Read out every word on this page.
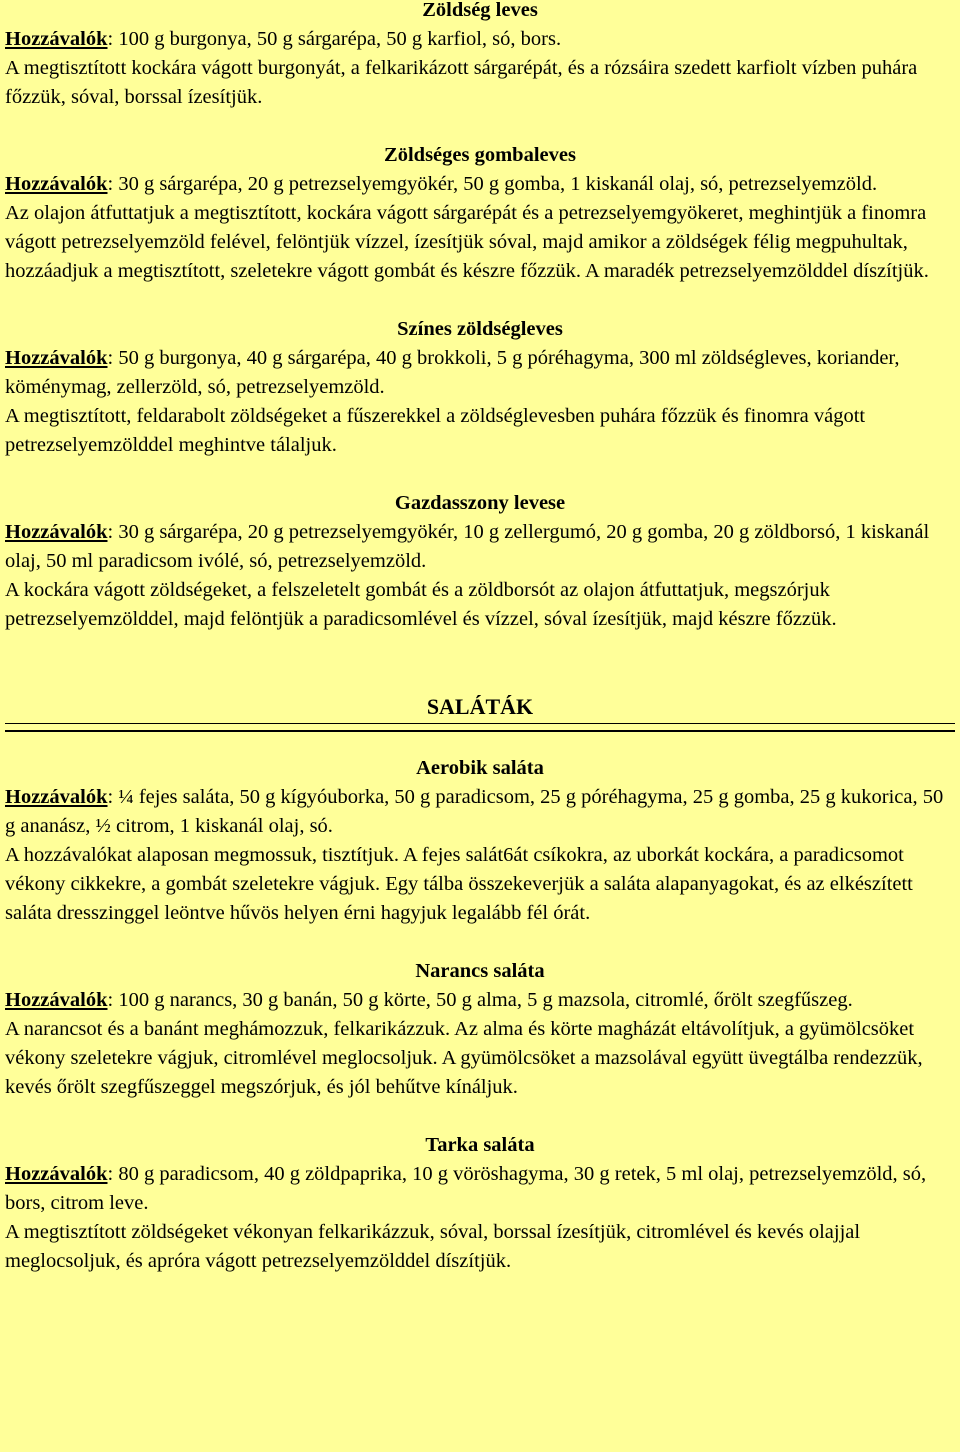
Zöldség leves

Hozzávalók: 100 g burgonya, 50 g sárgarépa, 50 g karfiol, só, bors.

A megtisztított kockára vágott burgonyát, a felkarikázott sárgarépát, és a rózsáira szedett karfiolt vízben puhára főzzük, sóval, borssal ízesítjük.

Zöldséges gombaleves

Hozzávalók: 30 g sárgarépa, 20 g petrezselyemgyökér, 50 g gomba, 1 kiskanál olaj, só, petrezselyemzöld.

Az olajon átfuttatjuk a megtisztított, kockára vágott sárgarépát és a petrezselyemgyökeret, meghintjük a finomra vágott petrezselyemzöld felével, felöntjük vízzel, ízesítjük sóval, majd amikor a zöldségek félig megpuhultak, hozzáadjuk a megtisztított, szeletekre vágott gombát és készre főzzük. A maradék petrezselyemzölddel díszítjük.

Színes zöldségleves

Hozzávalók: 50 g burgonya, 40 g sárgarépa, 40 g brokkoli, 5 g póréhagyma, 300 ml zöldségleves, koriander, köménymag, zellerzöld, só, petrezselyemzöld.

A megtisztított, feldarabolt zöldségeket a fűszerekkel a zöldséglevesben puhára főzzük és finomra vágott petrezselyemzölddel meghintve tálaljuk.

Gazdasszony levese

Hozzávalók: 30 g sárgarépa, 20 g petrezselyemgyökér, 10 g zellergumó, 20 g gomba, 20 g zöldborsó, 1 kiskanál olaj, 50 ml paradicsom ivólé, só, petrezselyemzöld.

A kockára vágott zöldségeket, a felszeletelt gombát és a zöldborsót az olajon átfuttatjuk, megszórjuk petrezselyemzölddel, majd felöntjük a paradicsomlével és vízzel, sóval ízesítjük, majd készre főzzük.

SALÁTÁK

Aerobik saláta

Hozzávalók: ¼ fejes saláta, 50 g kígyóuborka, 50 g paradicsom, 25 g póréhagyma, 25 g gomba, 25 g kukorica, 50 g ananász, ½ citrom, 1 kiskanál olaj, só.

A hozzávalókat alaposan megmossuk, tisztítjuk. A fejes salát6át csíkokra, az uborkát kockára, a paradicsomot vékony cikkekre, a gombát szeletekre vágjuk. Egy tálba összekeverjük a saláta alapanyagokat, és az elkészített saláta dresszinggel leöntve hűvös helyen érni hagyjuk legalább fél órát.

Narancs saláta

Hozzávalók: 100 g narancs, 30 g banán, 50 g körte, 50 g alma, 5 g mazsola, citromlé, őrölt szegfűszeg.

A narancsot és a banánt meghámozzuk, felkarikázzuk. Az alma és körte magházát eltávolítjuk, a gyümölcsöket vékony szeletekre vágjuk, citromlével meglocsoljuk. A gyümölcsöket a mazsolával együtt üvegtálba rendezzük, kevés őrölt szegfűszeggel megszórjuk, és jól behűtve kínáljuk.

Tarka saláta

Hozzávalók: 80 g paradicsom, 40 g zöldpaprika, 10 g vöröshagyma, 30 g retek, 5 ml olaj, petrezselyemzöld, só, bors, citrom leve.

A megtisztított zöldségeket vékonyan felkarikázzuk, sóval, borssal ízesítjük, citromlével és kevés olajjal meglocsoljuk, és apróra vágott petrezselyemzölddel díszítjük.
